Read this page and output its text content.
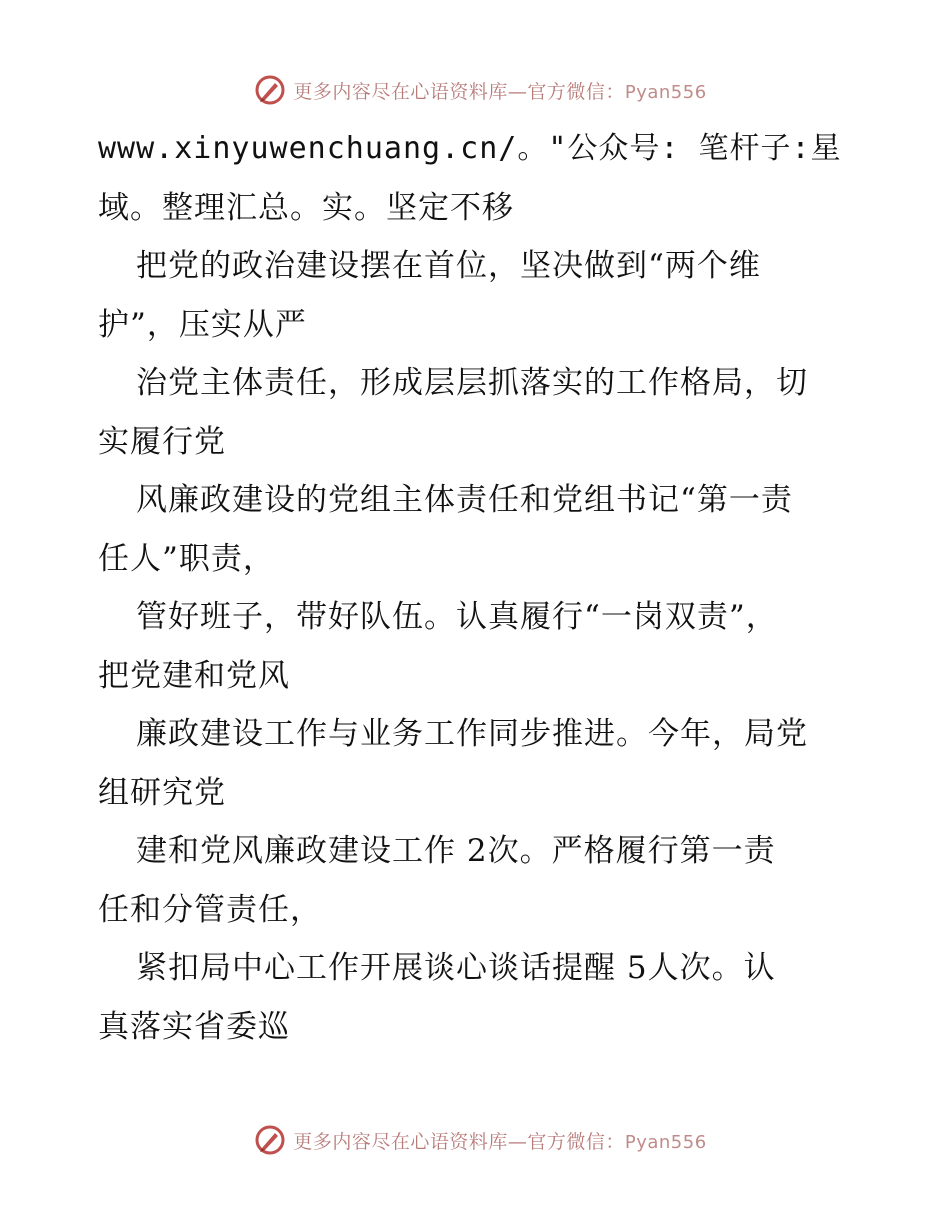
更多内容尽在心语资料库—官方微信：Pyan556
www.xinyuwenchuang.cn/。"公众号: 笔杆子:星
域。整理汇总。实。坚定不移
把党的政治建设摆在首位，坚决做到“两个维
护”，压实从严
治党主体责任，形成层层抓落实的工作格局，切
实履行党
风廉政建设的党组主体责任和党组书记“第一责
任人”职责，
管好班子，带好队伍。认真履行“一岗双责”，
把党建和党风
廉政建设工作与业务工作同步推进。今年，局党
组研究党
建和党风廉政建设工作 2次。严格履行第一责
任和分管责任，
紧扣局中心工作开展谈心谈话提醒 5人次。认
真落实省委巡
更多内容尽在心语资料库—官方微信：Pyan556
